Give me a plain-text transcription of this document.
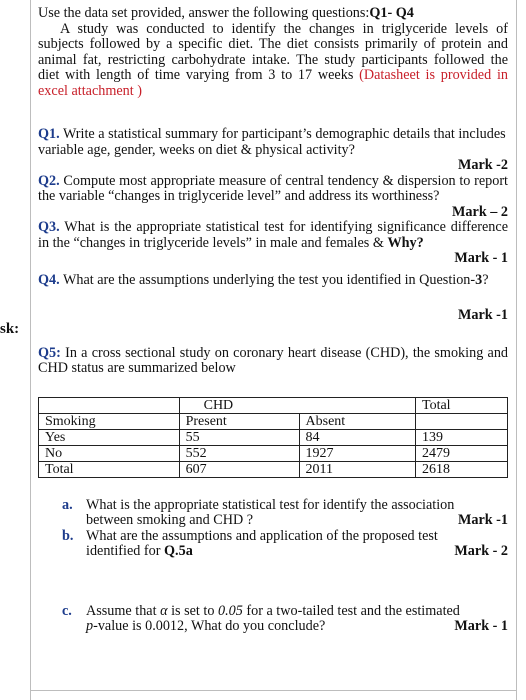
sk:

Use the data set provided, answer the following questions:Q1- Q4

A study was conducted to identify the changes in triglyceride levels of subjects followed by a specific diet. The diet consists primarily of protein and animal fat, restricting carbohydrate intake. The study participants followed the diet with length of time varying from 3 to 17 weeks (Datasheet is provided in excel attachment )

Q1. Write a statistical summary for participant’s demographic details that includes variable age, gender, weeks on diet & physical activity?

Mark -2

Q2. Compute most appropriate measure of central tendency & dispersion to report the variable “changes in triglyceride level” and address its worthiness?

Mark – 2

Q3. What is the appropriate statistical test for identifying significance difference in the “changes in triglyceride levels” in male and females & Why?

Mark - 1

Q4. What are the assumptions underlying the test you identified in Question-3?

Mark -1

Q5: In a cross sectional study on coronary heart disease (CHD), the smoking and CHD status are summarized below

	CHD		Total
Smoking	Present	Absent	
Yes	55	84	139
No	552	1927	2479
Total	607	2011	2618
a. What is the appropriate statistical test for identify the association
between smoking and CHD ?	Mark -1
b. What are the assumptions and application of the proposed test
identified for Q.5a	Mark - 2
c. Assume that α is set to 0.05 for a two-tailed test and the estimated
p-value is 0.0012, What do you conclude?	Mark - 1
